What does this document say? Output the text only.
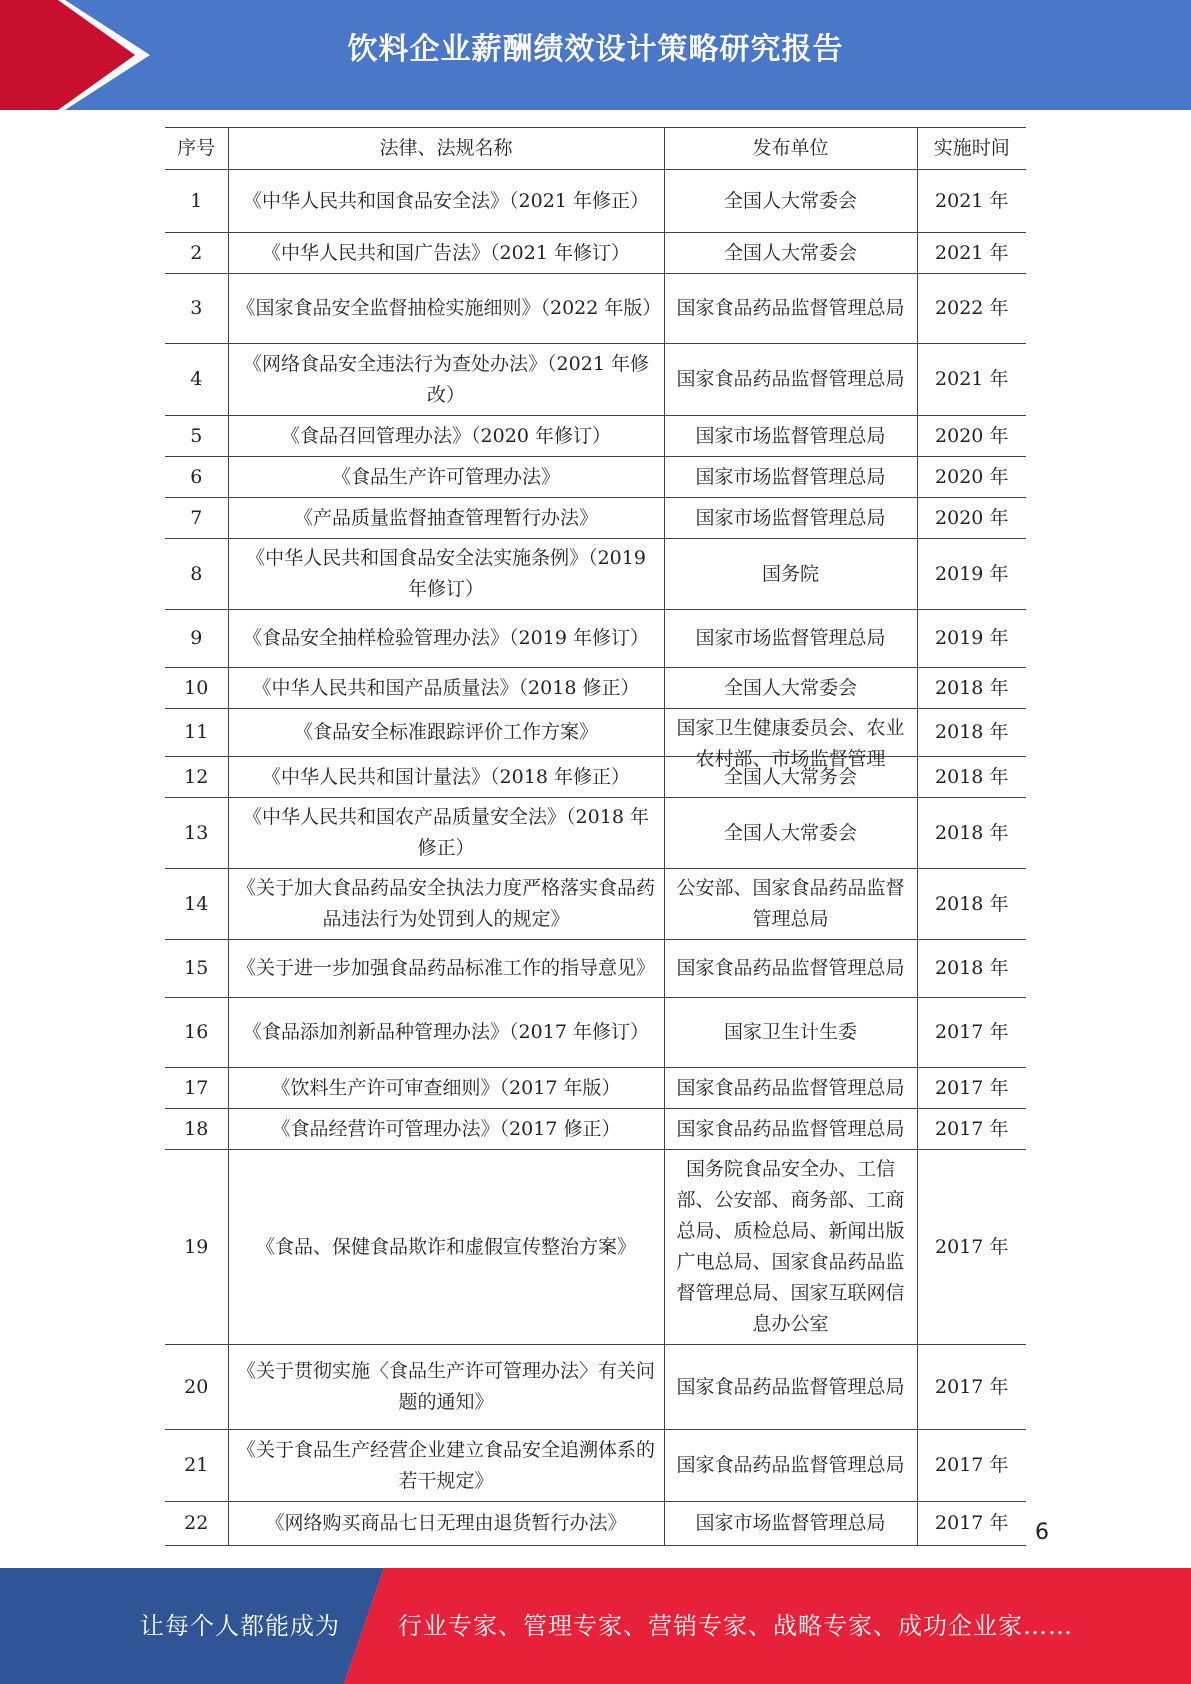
饮料企业薪酬绩效设计策略研究报告
序号	法律、法规名称	发布单位	实施时间
1	《中华人民共和国食品安全法》（2021 年修正）	全国人大常委会	2021 年
2	《中华人民共和国广告法》（2021 年修订）	全国人大常委会	2021 年
3	《国家食品安全监督抽检实施细则》（2022 年版）	国家食品药品监督管理总局	2022 年
4	《网络食品安全违法行为查处办法》（2021 年修改）	国家食品药品监督管理总局	2021 年
5	《食品召回管理办法》（2020 年修订）	国家市场监督管理总局	2020 年
6	《食品生产许可管理办法》	国家市场监督管理总局	2020 年
7	《产品质量监督抽查管理暂行办法》	国家市场监督管理总局	2020 年
8	《中华人民共和国食品安全法实施条例》（2019 年修订）	国务院	2019 年
9	《食品安全抽样检验管理办法》（2019 年修订）	国家市场监督管理总局	2019 年
10	《中华人民共和国产品质量法》（2018 修正）	全国人大常委会	2018 年
11	《食品安全标准跟踪评价工作方案》	国家卫生健康委员会、农业农村部、市场监督管理	2018 年
12	《中华人民共和国计量法》（2018 年修正）	全国人大常务会	2018 年
13	《中华人民共和国农产品质量安全法》（2018 年修正）	全国人大常委会	2018 年
14	《关于加大食品药品安全执法力度严格落实食品药品违法行为处罚到人的规定》	公安部、国家食品药品监督管理总局	2018 年
15	《关于进一步加强食品药品标准工作的指导意见》	国家食品药品监督管理总局	2018 年
16	《食品添加剂新品种管理办法》（2017 年修订）	国家卫生计生委	2017 年
17	《饮料生产许可审查细则》（2017 年版）	国家食品药品监督管理总局	2017 年
18	《食品经营许可管理办法》（2017 修正）	国家食品药品监督管理总局	2017 年
19	《食品、保健食品欺诈和虚假宣传整治方案》	国务院食品安全办、工信部、公安部、商务部、工商总局、质检总局、新闻出版广电总局、国家食品药品监督管理总局、国家互联网信息办公室	2017 年
20	《关于贯彻实施〈食品生产许可管理办法〉有关问题的通知》	国家食品药品监督管理总局	2017 年
21	《关于食品生产经营企业建立食品安全追溯体系的若干规定》	国家食品药品监督管理总局	2017 年
22	《网络购买商品七日无理由退货暂行办法》	国家市场监督管理总局	2017 年 6
让每个人都能成为 行业专家、管理专家、营销专家、战略专家、成功企业家……
